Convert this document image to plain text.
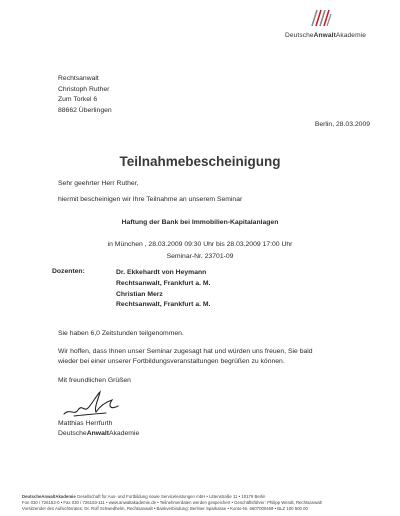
DeutscheAnwaltAkademie
Rechtsanwalt
Christoph Ruther
Zum Torkel 6
88662 Überlingen
Berlin, 28.03.2009
Teilnahmebescheinigung
Sehr geehrter Herr Ruther,
hiermit bescheinigen wir Ihre Teilnahme an unserem Seminar
Haftung der Bank bei Immobilien-Kapitalanlagen
in München , 28.03.2009 09:30 Uhr bis 28.03.2009 17:00 Uhr
Seminar-Nr. 23701-09
Dozenten:	Dr. Ekkehardt von Heymann
Rechtsanwalt, Frankfurt a. M.
Christian Merz
Rechtsanwalt, Frankfurt a. M.
Sie haben 6,0 Zeitstunden teilgenommen.
Wir hoffen, dass Ihnen unser Seminar zugesagt hat und würden uns freuen, Sie bald
wieder bei einer unserer Fortbildungsveranstaltungen begrüßen zu können.
Mit freundlichen Grüßen
Matthias Herrfurth
DeutscheAnwaltAkademie
DeutscheAnwaltAkademie Gesellschaft für Aus- und Fortbildung sowie Serviceleistungen mbH • Littenstraße 11 • 10179 Berlin
Fon 030 / 726153-0 • Fax 030 / 726153-111 • www.anwaltakademie.de • Teilnehmerdaten werden gespeichert • Geschäftsführer: Philipp Wendt, Rechtsanwalt
Vorsitzender des Aufsichtsrates: Dr. Rolf Schwedhelm, Rechtsanwalt • Bankverbindung: Berliner Sparkasse • Konto-Nr. 6607000469 • BLZ 100 500 00
